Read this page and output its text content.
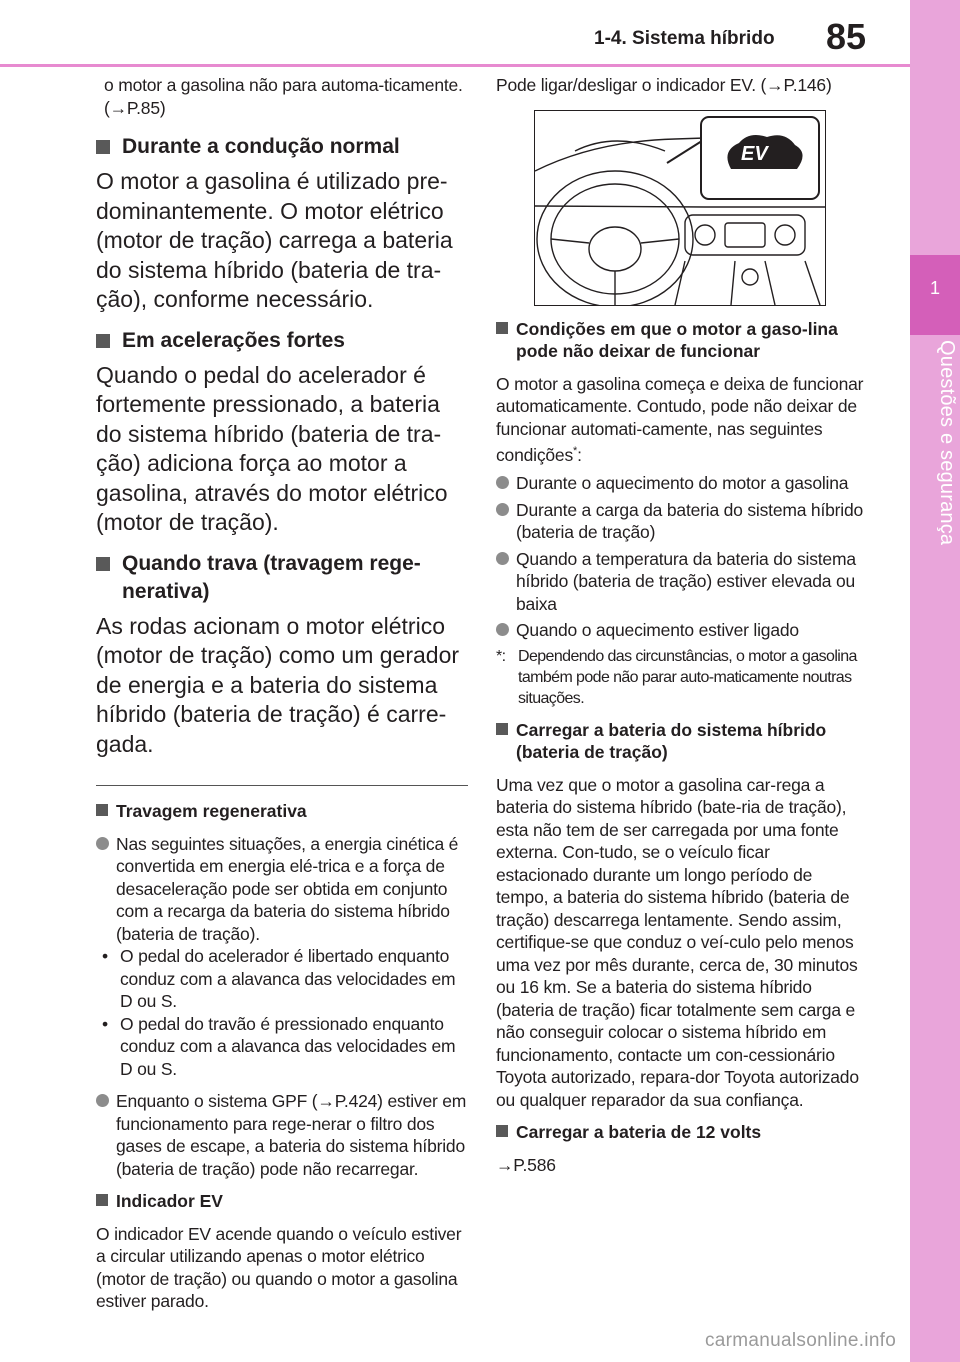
1-4. Sistema híbrido 85
1
Questões e segurança

o motor a gasolina não para automa-ticamente. (→P.85)

Durante a condução normal

O motor a gasolina é utilizado pre-dominantemente. O motor elétrico (motor de tração) carrega a bateria do sistema híbrido (bateria de tra-ção), conforme necessário.

Em acelerações fortes

Quando o pedal do acelerador é fortemente pressionado, a bateria do sistema híbrido (bateria de tra-ção) adiciona força ao motor a gasolina, através do motor elétrico (motor de tração).

Quando trava (travagem rege-nerativa)

As rodas acionam o motor elétrico (motor de tração) como um gerador de energia e a bateria do sistema híbrido (bateria de tração) é carre-gada.

Travagem regenerativa
Nas seguintes situações, a energia cinética é convertida em energia elé-trica e a força de desaceleração pode ser obtida em conjunto com a recarga da bateria do sistema híbrido (bateria de tração).
• O pedal do acelerador é libertado enquanto conduz com a alavanca das velocidades em D ou S.
• O pedal do travão é pressionado enquanto conduz com a alavanca das velocidades em D ou S.
Enquanto o sistema GPF (→P.424) estiver em funcionamento para rege-nerar o filtro dos gases de escape, a bateria do sistema híbrido (bateria de tração) pode não recarregar.
Indicador EV

O indicador EV acende quando o veículo estiver a circular utilizando apenas o motor elétrico (motor de tração) ou quando o motor a gasolina estiver parado.

Pode ligar/desligar o indicador EV. (→P.146)

EV
Condições em que o motor a gaso-lina pode não deixar de funcionar

O motor a gasolina começa e deixa de funcionar automaticamente. Contudo, pode não deixar de funcionar automati-camente, nas seguintes condições*:

Durante o aquecimento do motor a gasolina
Durante a carga da bateria do sistema híbrido (bateria de tração)
Quando a temperatura da bateria do sistema híbrido (bateria de tração) estiver elevada ou baixa
Quando o aquecimento estiver ligado
*: Dependendo das circunstâncias, o motor a gasolina também pode não parar auto-maticamente noutras situações.
Carregar a bateria do sistema híbrido (bateria de tração)

Uma vez que o motor a gasolina car-rega a bateria do sistema híbrido (bate-ria de tração), esta não tem de ser carregada por uma fonte externa. Con-tudo, se o veículo ficar estacionado durante um longo período de tempo, a bateria do sistema híbrido (bateria de tração) descarrega lentamente. Sendo assim, certifique-se que conduz o veí-culo pelo menos uma vez por mês durante, cerca de, 30 minutos ou 16 km. Se a bateria do sistema híbrido (bateria de tração) ficar totalmente sem carga e não conseguir colocar o sistema híbrido em funcionamento, contacte um con-cessionário Toyota autorizado, repara-dor Toyota autorizado ou qualquer reparador da sua confiança.

Carregar a bateria de 12 volts

→P.586

carmanualsonline.info
